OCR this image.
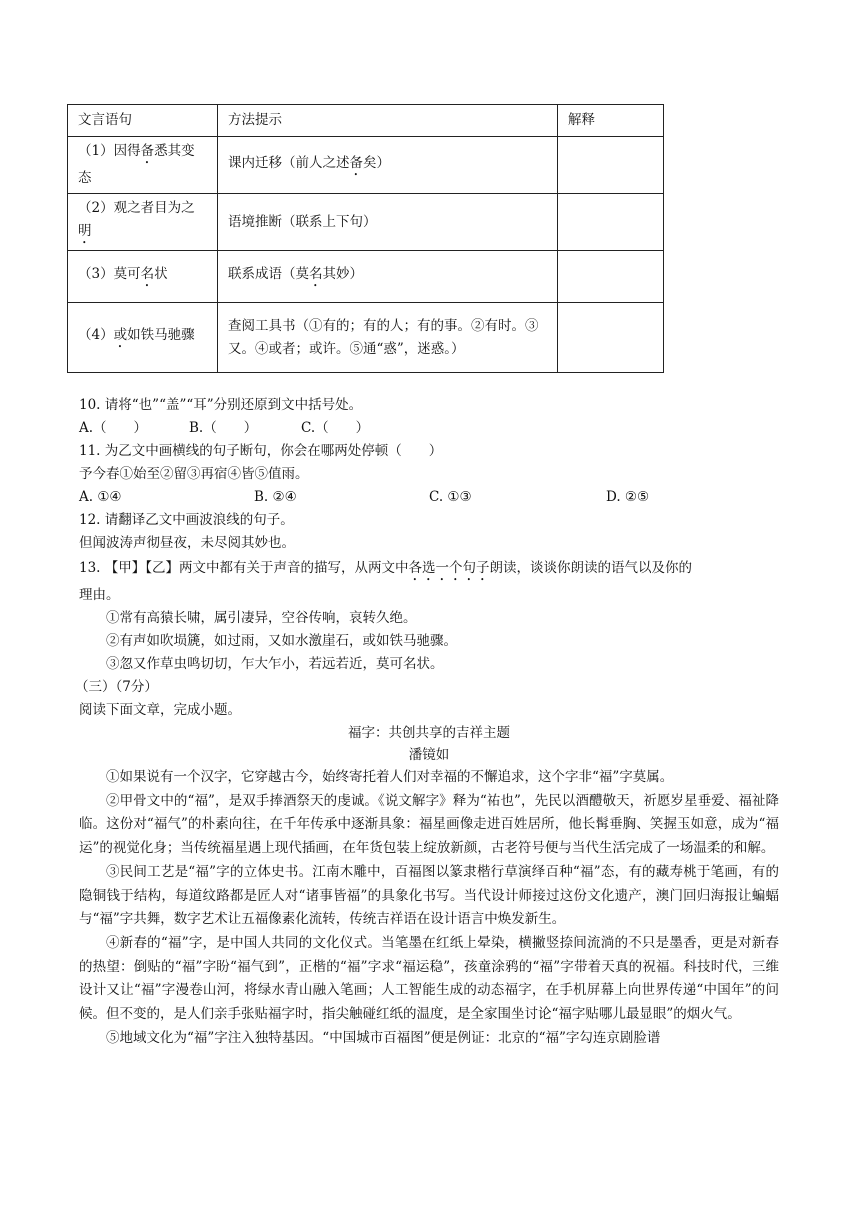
文言语句	方法提示	解释
（1）因得备悉其变态	课内迁移（前人之述备矣）	
（2）观之者目为之明	语境推断（联系上下句）	
（3）莫可名状	联系成语（莫名其妙）	
（4）或如铁马驰骤	查阅工具书（①有的；有的人；有的事。②有时。③又。④或者；或许。⑤通“惑”，迷惑。）	
10. 请将“也”“盖”“耳”分别还原到文中括号处。
A.（　　）	B.（　　）	C.（　　）
11. 为乙文中画横线的句子断句，你会在哪两处停顿（　　）
予今春①始至②留③再宿④皆⑤值雨。
A. ①④	B. ②④	C. ①③	D. ②⑤
12. 请翻译乙文中画波浪线的句子。
但闻波涛声彻昼夜，未尽阅其妙也。
13. 【甲】【乙】两文中都有关于声音的描写，从两文中各选一个句子朗读，谈谈你朗读的语气以及你的
理由。
①常有高猿长啸，属引凄异，空谷传响，哀转久绝。
②有声如吹埙篪，如过雨，又如水激崖石，或如铁马驰骤。
③忽又作草虫鸣切切，乍大乍小，若远若近，莫可名状。
（三）（7分）
阅读下面文章，完成小题。
福字：共创共享的吉祥主题
潘镜如
①如果说有一个汉字，它穿越古今，始终寄托着人们对幸福的不懈追求，这个字非“福”字莫属。
②甲骨文中的“福”，是双手捧酒祭天的虔诚。《说文解字》释为“祐也”，先民以酒醴敬天，祈愿岁星垂爱、福祉降临。这份对“福气”的朴素向往，在千年传承中逐渐具象：福星画像走进百姓居所，他长髯垂胸、笑握玉如意，成为“福运”的视觉化身；当传统福星遇上现代插画，在年货包装上绽放新颜，古老符号便与当代生活完成了一场温柔的和解。
③民间工艺是“福”字的立体史书。江南木雕中，百福图以篆隶楷行草演绎百种“福”态，有的藏寿桃于笔画，有的隐铜钱于结构，每道纹路都是匠人对“诸事皆福”的具象化书写。当代设计师接过这份文化遗产，澳门回归海报让蝙蝠与“福”字共舞，数字艺术让五福像素化流转，传统吉祥语在设计语言中焕发新生。
④新春的“福”字，是中国人共同的文化仪式。当笔墨在红纸上晕染，横撇竖捺间流淌的不只是墨香，更是对新春的热望：倒贴的“福”字盼“福气到”，正楷的“福”字求“福运稳”，孩童涂鸦的“福”字带着天真的祝福。科技时代，三维设计又让“福”字漫卷山河，将绿水青山融入笔画；人工智能生成的动态福字，在手机屏幕上向世界传递“中国年”的问候。但不变的，是人们亲手张贴福字时，指尖触碰红纸的温度，是全家围坐讨论“福字贴哪儿最显眼”的烟火气。
⑤地域文化为“福”字注入独特基因。“中国城市百福图”便是例证：北京的“福”字勾连京剧脸谱
